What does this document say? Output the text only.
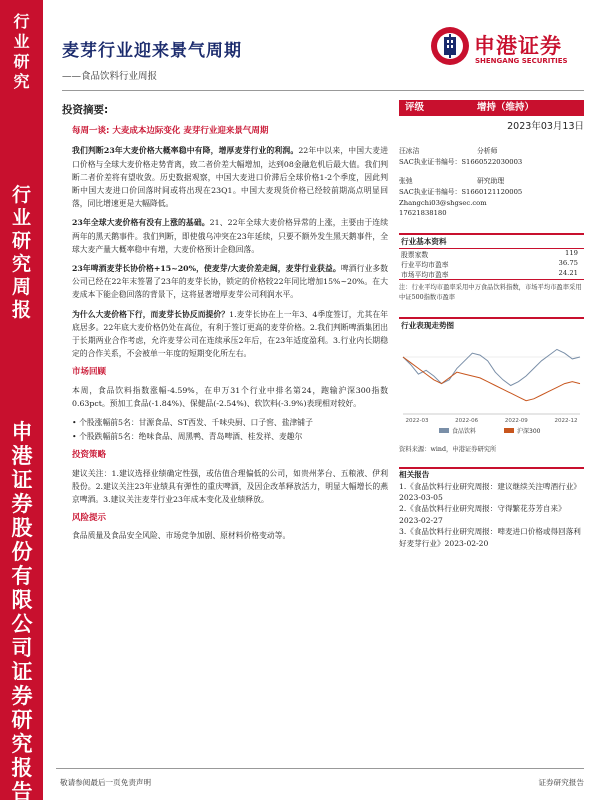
行业研究
行业研究周报
申港证券股份有限公司证券研究报告
麦芽行业迎来景气周期
——食品饮料行业周报
申港证券
SHENGANG SECURITIES
投资摘要:
每周一谈: 大麦成本边际变化 麦芽行业迎来景气周期
我们判断23年大麦价格大概率稳中有降，增厚麦芽行业的利润。22年中以来，中国大麦进口价格与全球大麦价格走势背离，致二者价差大幅增加，达到08金融危机后最大值。我们判断二者价差将有望收敛。历史数据观察，中国大麦进口价滞后全球价格1-2个季度，因此判断中国大麦进口价回落时间或将出现在23Q1。中国大麦现货价格已经较前期高点明显回落，同比增速更是大幅降低。
23年全球大麦价格有没有上涨的基础。21、22年全球大麦价格异常的上涨，主要由于连续两年的黑天鹅事件。我们判断，即使俄乌冲突在23年延续，只要不额外发生黑天鹅事件，全球大麦产量大概率稳中有增，大麦价格预计企稳回落。
23年啤酒麦芽长协价格+15~20%，使麦芽/大麦价差走阔，麦芽行业获益。啤酒行业多数公司已经在22年末签署了23年的麦芽长协，锁定的价格较22年同比增加15%~20%。在大麦成本下能企稳回落的背景下，这将显著增厚麦芽公司利润水平。
为什么大麦价格下行，而麦芽长协反而提价？1.麦芽长协在上一年3、4季度签订，尤其在年底居多。22年底大麦价格仍处在高位，有利于签订更高的麦芽价格。2.我们判断啤酒集团出于长期两业合作考虑，允许麦芽公司在连续承压2年后，在23年适度盈利。3.行业内长期稳定的合作关系，不会被单一年度的短期变化所左右。
市场回顾
本周，食品饮料指数涨幅-4.59%，在申万31个行业中排名第24，跑输沪深300指数0.63pct。预加工食品(-1.84%)、保健品(-2.54%)、软饮料(-3.9%)表现相对较好。
• 个股涨幅前5名：甘源食品、ST西发、千味央厨、口子窖、盐津铺子
• 个股跌幅前5名：绝味食品、周黑鸭、青岛啤酒、桂发祥、麦趣尔
投资策略
建议关注：1.建议选择业绩确定性强，或估值合理偏低的公司，如贵州茅台、五粮液、伊利股份。2.建议关注23年业绩具有弹性的重庆啤酒，及因企改革释放活力，明显大幅增长的燕京啤酒。3.建议关注麦芽行业23年成本变化及业绩释放。
风险提示
食品质量及食品安全风险、市场竞争加剧、原材料价格变动等。
评级	增持（维持）
2023年03月13日
汪冰洁	分析师
SAC执业证书编号：S1660522030003
张弛	研究助理
SAC执业证书编号：S1660121120005
Zhangchi03@shgsec.com
17621838180
行业基本资料
股票家数	119
行业平均市盈率	36.75
市场平均市盈率	24.21
注：行业平均市盈率采用中万食品饮料指数，市场平均市盈率采用中证500指数市盈率
行业表现走势图
2022-03	2022-06	2022-09	2022-12
食品饮料	沪深300
资料来源：wind，申港证券研究所
相关报告
1.《食品饮料行业研究周报：建议继续关注啤酒行业》2023-03-05
2.《食品饮料行业研究周报：守得繁花芬芳自来》2023-02-27
3.《食品饮料行业研究周报：啤麦进口价格或得回落利好麦芽行业》2023-02-20
敬请参阅最后一页免责声明	证券研究报告
